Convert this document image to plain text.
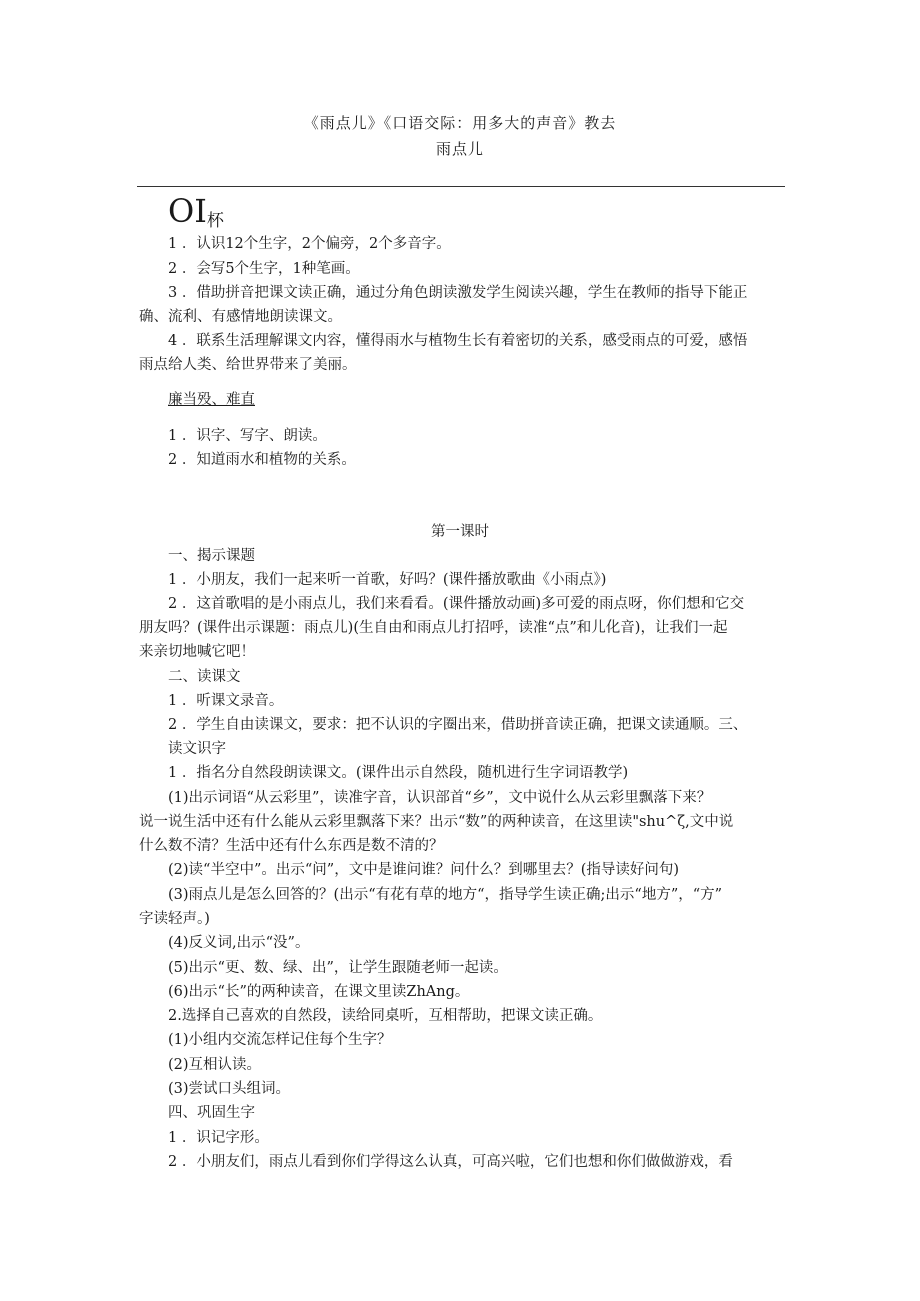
《雨点儿》《口语交际：用多大的声音》教去
雨点儿
$OI^杯$
1 ．认识12个生字，2个偏旁，2个多音字。
2 ．会写5个生字，1种笔画。
3 ．借助拼音把课文读正确，通过分角色朗读激发学生阅读兴趣，学生在教师的指导下能正
确、流利、有感情地朗读课文。
4 ．联系生活理解课文内容，懂得雨水与植物生长有着密切的关系，感受雨点的可爱，感悟
雨点给人类、给世界带来了美丽。
廉当殁、难直
1 ．识字、写字、朗读。
2 ．知道雨水和植物的关系。
第一课时
一、揭示课题
1 ．小朋友，我们一起来听一首歌，好吗？(课件播放歌曲《小雨点》)
2 ．这首歌唱的是小雨点儿，我们来看看。(课件播放动画)多可爱的雨点呀，你们想和它交
朋友吗？(课件出示课题：雨点儿)(生自由和雨点儿打招呼，读准“点”和儿化音)，让我们一起
来亲切地喊它吧！
二、读课文
1 ．听课文录音。
2 ．学生自由读课文，要求：把不认识的字圈出来，借助拼音读正确，把课文读通顺。三、
读文识字
1 ．指名分自然段朗读课文。(课件出示自然段，随机进行生字词语教学)
(1)出示词语“从云彩里”，读准字音，认识部首“乡”，文中说什么从云彩里飘落下来？
说一说生活中还有什么能从云彩里飘落下来？出示“数”的两种读音，在这里读"shu^ζ,文中说
什么数不清？生活中还有什么东西是数不清的？
(2)读“半空中”。出示“问”，文中是谁问谁？问什么？到哪里去？(指导读好问句)
(3)雨点儿是怎么回答的？(出示“有花有草的地方“，指导学生读正确;出示“地方”，“方”
字读轻声。)
(4)反义词,出示“没”。
(5)出示“更、数、绿、出”，让学生跟随老师一起读。
(6)出示“长”的两种读音，在课文里读ZhAng。
2.选择自己喜欢的自然段，读给同桌听，互相帮助，把课文读正确。
(1)小组内交流怎样记住每个生字？
(2)互相认读。
(3)尝试口头组词。
四、巩固生字
1 ．识记字形。
2 ．小朋友们，雨点儿看到你们学得这么认真，可高兴啦，它们也想和你们做做游戏，看
